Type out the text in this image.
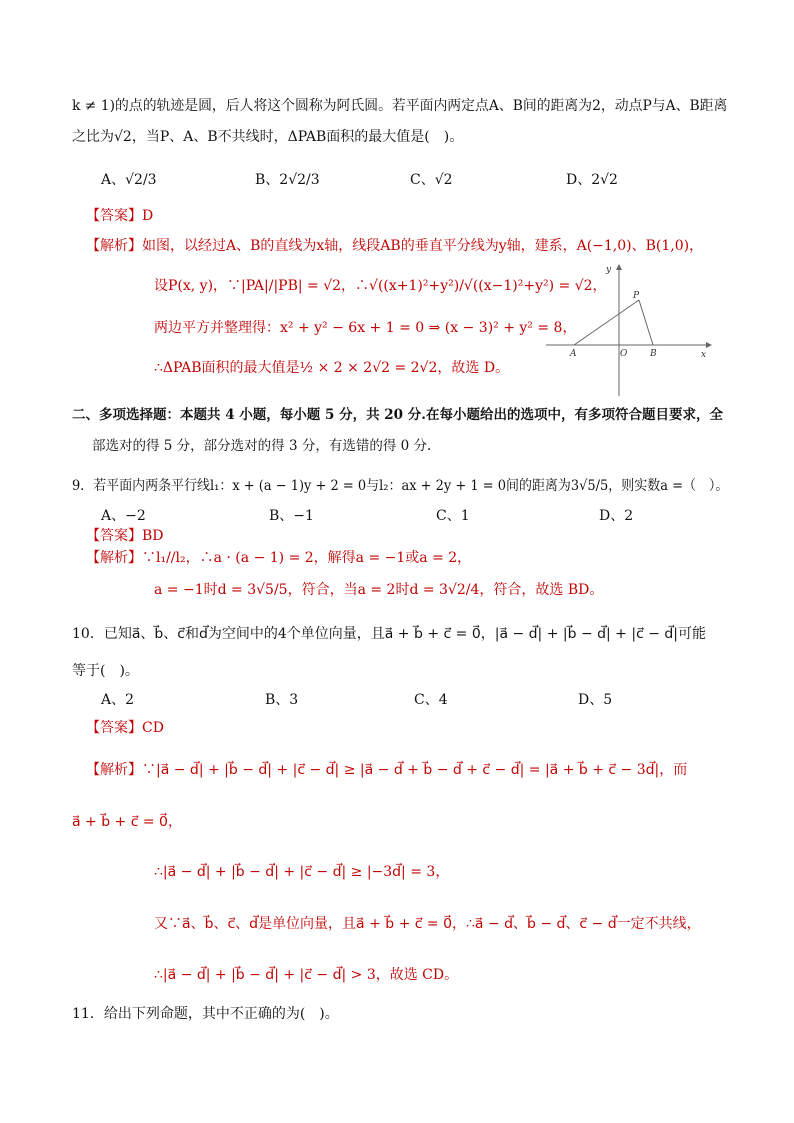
k ≠ 1)的点的轨迹是圆，后人将这个圆称为阿氏圆。若平面内两定点A、B间的距离为2，动点P与A、B距离
之比为√2，当P、A、B不共线时，ΔPAB面积的最大值是(　)。
A、√2/3	B、2√2/3	C、√2	D、2√2
【答案】D
【解析】如图，以经过A、B的直线为x轴，线段AB的垂直平分线为y轴，建系，A(−1,0)、B(1,0)，
设P(x, y)，∵|PA|/|PB| = √2，∴√((x+1)²+y²)/√((x−1)²+y²) = √2，
两边平方并整理得：x² + y² − 6x + 1 = 0 ⇒ (x − 3)² + y² = 8，
∴ΔPAB面积的最大值是½ × 2 × 2√2 = 2√2，故选 D。
y
x
P
A	O	B
二、多项选择题：本题共 4 小题，每小题 5 分，共 20 分.在每小题给出的选项中，有多项符合题目要求，全
部选对的得 5 分，部分选对的得 3 分，有选错的得 0 分.
9．若平面内两条平行线l₁：x + (a − 1)y + 2 = 0与l₂：ax + 2y + 1 = 0间的距离为3√5/5，则实数a =（　）。
A、−2	B、−1	C、1	D、2
【答案】BD
【解析】∵l₁//l₂，∴a · (a − 1) = 2，解得a = −1或a = 2，
a = −1时d = 3√5/5，符合，当a = 2时d = 3√2/4，符合，故选 BD。
10．已知a⃗、b⃗、c⃗和d⃗为空间中的4个单位向量，且a⃗ + b⃗ + c⃗ = 0⃗，|a⃗ − d⃗| + |b⃗ − d⃗| + |c⃗ − d⃗|可能
等于(　)。
A、2	B、3	C、4	D、5
【答案】CD
【解析】∵|a⃗ − d⃗| + |b⃗ − d⃗| + |c⃗ − d⃗| ≥ |a⃗ − d⃗ + b⃗ − d⃗ + c⃗ − d⃗| = |a⃗ + b⃗ + c⃗ − 3d⃗|，而
a⃗ + b⃗ + c⃗ = 0⃗，
∴|a⃗ − d⃗| + |b⃗ − d⃗| + |c⃗ − d⃗| ≥ |−3d⃗| = 3，
又∵a⃗、b⃗、c⃗、d⃗是单位向量，且a⃗ + b⃗ + c⃗ = 0⃗，∴a⃗ − d⃗、b⃗ − d⃗、c⃗ − d⃗一定不共线，
∴|a⃗ − d⃗| + |b⃗ − d⃗| + |c⃗ − d⃗| > 3，故选 CD。
11．给出下列命题，其中不正确的为(　)。
